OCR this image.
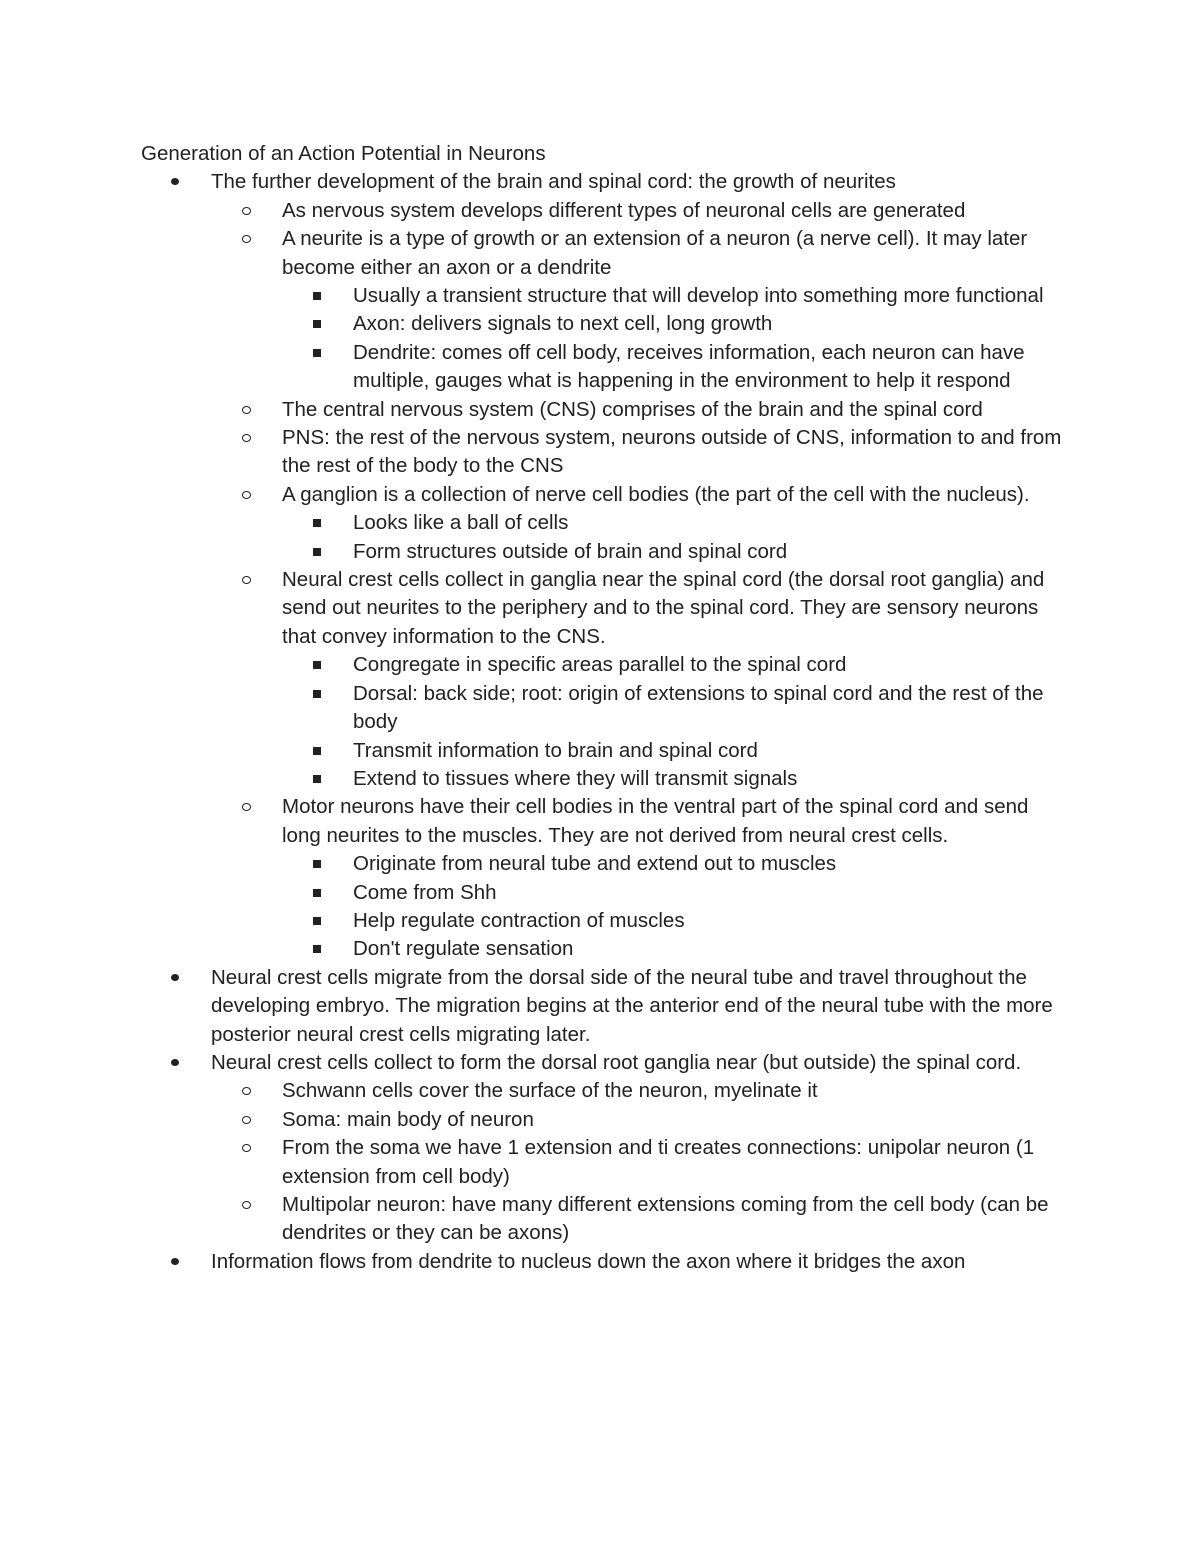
Generation of an Action Potential in Neurons
The further development of the brain and spinal cord: the growth of neurites
As nervous system develops different types of neuronal cells are generated
A neurite is a type of growth or an extension of a neuron (a nerve cell). It may later become either an axon or a dendrite
Usually a transient structure that will develop into something more functional
Axon: delivers signals to next cell, long growth
Dendrite: comes off cell body, receives information, each neuron can have multiple, gauges what is happening in the environment to help it respond
The central nervous system (CNS) comprises of the brain and the spinal cord
PNS: the rest of the nervous system, neurons outside of CNS, information to and from the rest of the body to the CNS
A ganglion is a collection of nerve cell bodies (the part of the cell with the nucleus).
Looks like a ball of cells
Form structures outside of brain and spinal cord
Neural crest cells collect in ganglia near the spinal cord (the dorsal root ganglia) and send out neurites to the periphery and to the spinal cord. They are sensory neurons that convey information to the CNS.
Congregate in specific areas parallel to the spinal cord
Dorsal: back side; root: origin of extensions to spinal cord and the rest of the body
Transmit information to brain and spinal cord
Extend to tissues where they will transmit signals
Motor neurons have their cell bodies in the ventral part of the spinal cord and send long neurites to the muscles. They are not derived from neural crest cells.
Originate from neural tube and extend out to muscles
Come from Shh
Help regulate contraction of muscles
Don't regulate sensation
Neural crest cells migrate from the dorsal side of the neural tube and travel throughout the developing embryo. The migration begins at the anterior end of the neural tube with the more posterior neural crest cells migrating later.
Neural crest cells collect to form the dorsal root ganglia near (but outside) the spinal cord.
Schwann cells cover the surface of the neuron, myelinate it
Soma: main body of neuron
From the soma we have 1 extension and ti creates connections: unipolar neuron (1 extension from cell body)
Multipolar neuron: have many different extensions coming from the cell body (can be dendrites or they can be axons)
Information flows from dendrite to nucleus down the axon where it bridges the axon
